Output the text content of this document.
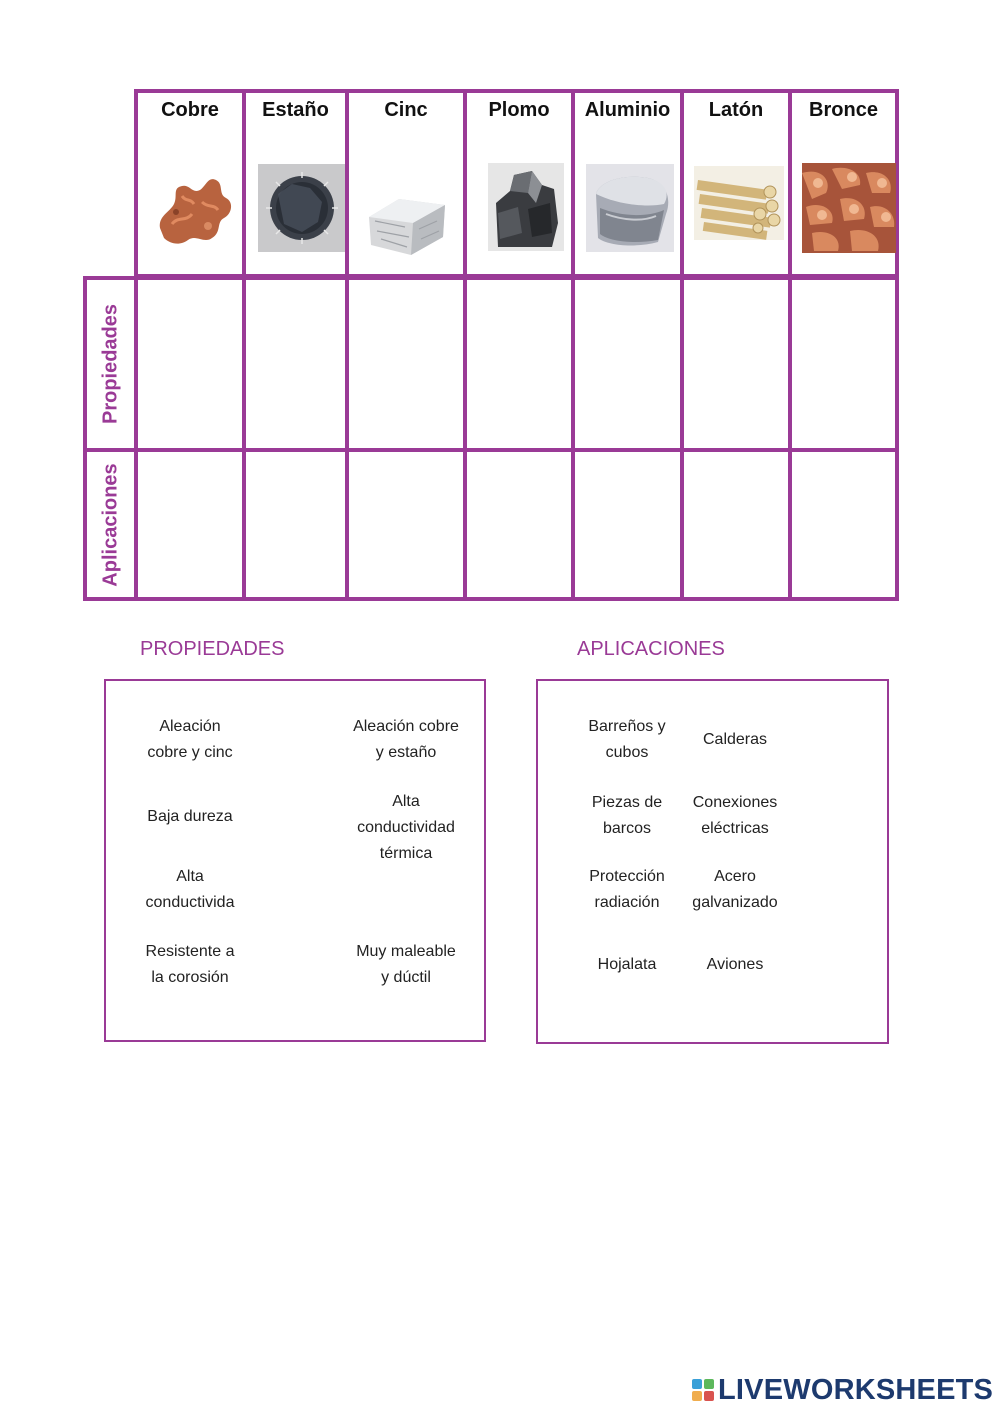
Cobre	Estaño	Cinc	Plomo	Aluminio	Latón	Bronce
Propiedades
Aplicaciones
PROPIEDADES	APLICACIONES
Aleación
cobre y cinc
Aleación cobre
y estaño
Baja dureza
Alta
conductividad
térmica
Alta
conductivida
Resistente a
la corosión
Muy maleable
y dúctil
Barreños y
cubos
Calderas
Piezas de
barcos
Conexiones
eléctricas
Protección
radiación
Acero
galvanizado
Hojalata	Aviones
LIVEWORKSHEETS
